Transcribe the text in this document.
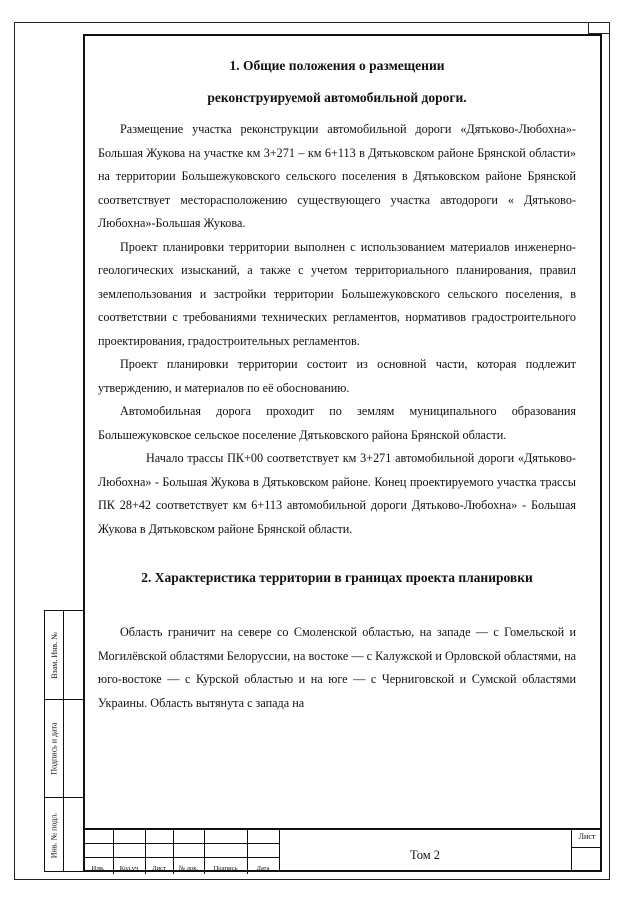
Взам. Инв. №
Подпись и дата
Инв. № подл.

1. Общие положения о размещении

реконструируемой автомобильной дороги.

Размещение участка реконструкции автомобильной дороги «Дятьково-Любохна»- Большая Жукова на участке км 3+271 – км 6+113 в Дятьковском районе Брянской области» на территории Большежуковского сельского поселения в Дятьковском районе Брянской соответствует месторасположению существующего участка автодороги « Дятьково-Любохна»-Большая Жукова.

Проект планировки территории выполнен с использованием материалов инженерно-геологических изысканий, а также с учетом территориального планирования, правил землепользования и застройки территории Большежуковского сельского поселения, в соответствии с требованиями технических регламентов, нормативов градостроительного проектирования, градостроительных регламентов.

Проект планировки территории состоит из основной части, которая подлежит утверждению, и материалов по её обоснованию.

Автомобильная дорога проходит по землям муниципального образования Большежуковское сельское поселение Дятьковского района Брянской области.

Начало трассы ПК+00 соответствует км 3+271 автомобильной дороги «Дятьково-Любохна» - Большая Жукова в Дятьковском районе. Конец проектируемого участка трассы ПК 28+42 соответствует км 6+113 автомобильной дороги Дятьково-Любохна» - Большая Жукова в Дятьковском районе Брянской области.

2. Характеристика территории в границах проекта планировки

Область граничит на севере со Смоленской областью, на западе — с Гомельской и Могилёвской областями Белоруссии, на востоке — с Калужской и Орловской областями, на юго-востоке — с Курской областью и на юге — с Черниговской и Сумской областями Украины. Область вытянута с запада на

Изм.	Кол.уч	Лист	№ док.	Подпись	Дата
Том 2
Лист
